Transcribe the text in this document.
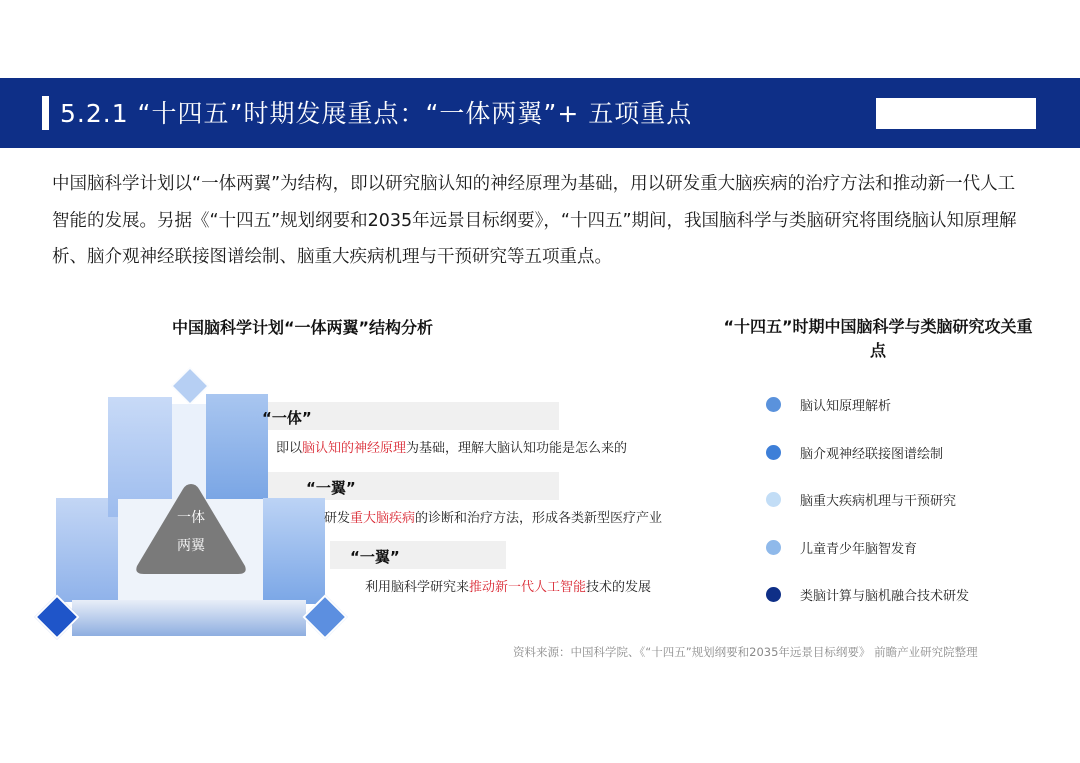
5.2.1 “十四五”时期发展重点：“一体两翼”+ 五项重点

中国脑科学计划以“一体两翼”为结构，即以研究脑认知的神经原理为基础，用以研发重大脑疾病的治疗方法和推动新一代人工智能的发展。另据《“十四五”规划纲要和2035年远景目标纲要》，“十四五”期间，我国脑科学与类脑研究将围绕脑认知原理解析、脑介观神经联接图谱绘制、脑重大疾病机理与干预研究等五项重点。

中国脑科学计划“一体两翼”结构分析	“十四五”时期中国脑科学与类脑研究攻关重点
一体
两翼
“一体”
即以脑认知的神经原理为基础，理解大脑认知功能是怎么来的
“一翼”
研发重大脑疾病的诊断和治疗方法，形成各类新型医疗产业
“一翼”
利用脑科学研究来推动新一代人工智能技术的发展
脑认知原理解析
脑介观神经联接图谱绘制
脑重大疾病机理与干预研究
儿童青少年脑智发育
类脑计算与脑机融合技术研发
资料来源：中国科学院、《“十四五”规划纲要和2035年远景目标纲要》 前瞻产业研究院整理
